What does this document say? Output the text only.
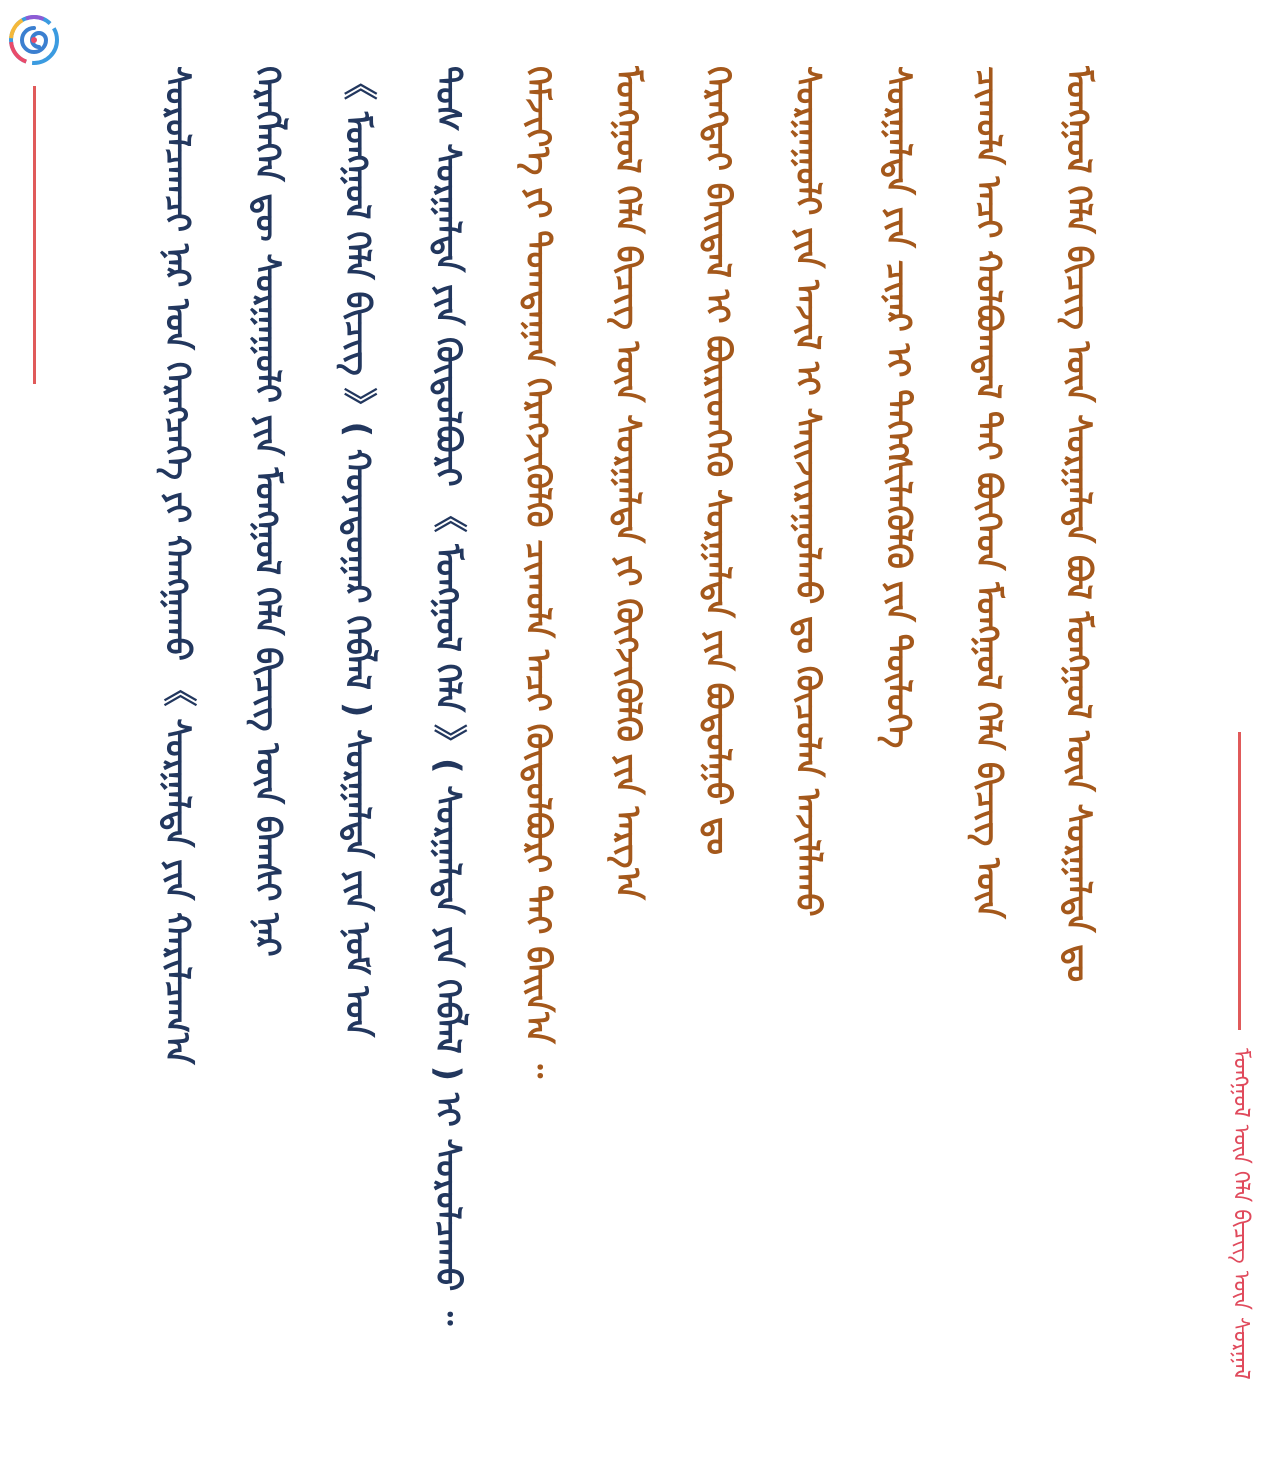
ᠮᠣᠩᠭᠣᠯ ᠦᠨ ᠬᠡᠯᠡ ᠪᠢᠴᠢᠭ ᠦᠨ ᠰᠤᠷᠭᠠᠯ
ᠮᠣᠩᠭᠣᠯ ᠬᠡᠯᠡ ᠪᠢᠴᠢᠭ ᠦᠨ ᠰᠤᠷᠭᠠᠯᠲᠠ ᠪᠣᠯ ᠮᠣᠩᠭᠣᠯ ᠦᠨ ᠰᠤᠷᠭᠠᠯᠲᠠ ᠳᠤ
ᠴᠢᠬᠤᠯᠠ ᠠᠴᠢ ᠬᠣᠯᠪᠣᠭᠳᠠᠯ ᠲᠠᠢ ᠪᠥᠭᠡᠳ ᠮᠣᠩᠭᠣᠯ ᠬᠡᠯᠡ ᠪᠢᠴᠢᠭ ᠦᠨ
ᠰᠤᠷᠭᠠᠯᠲᠠ ᠶᠢᠨ ᠴᠢᠨᠠᠷ ᠢ ᠳᠡᠭᠡᠭᠰᠢᠯᠡᠭᠦᠯᠬᠦ ᠶᠢᠨ ᠲᠥᠯᠦᠭᠡ
ᠰᠤᠷᠭᠠᠭᠤᠯᠢ ᠶᠢᠨ ᠠᠵᠢᠯ ᠢ ᠰᠠᠢᠵᠢᠷᠠᠭᠤᠯᠬᠤ ᠳᠤ ᠬᠦᠴᠦᠯᠡᠨ ᠠᠵᠢᠯᠯᠠᠬᠤ
ᠬᠡᠷᠡᠭᠲᠡᠢ ᠪᠠᠢᠳᠠᠯ ᠢ ᠪᠦᠷᠢᠳᠭᠡᠬᠦ ᠰᠤᠷᠭᠠᠯᠲᠠ ᠶᠢᠨ ᠪᠣᠳᠣᠯᠭᠣ ᠳᠤ
ᠮᠣᠩᠭᠣᠯ ᠬᠡᠯᠡ ᠪᠢᠴᠢᠭ ᠦᠨ ᠰᠤᠷᠭᠠᠯᠲᠠ ᠶᠢ ᠬᠥᠭᠵᠢᠭᠦᠯᠬᠦ ᠶᠢᠨ ᠠᠷᠭ᠎ᠠ
ᠬᠡᠮᠵᠢᠶ᠎ᠡ ᠶᠢ ᠲᠣᠭᠲᠠᠭᠠᠨ ᠬᠡᠷᠡᠭᠵᠢᠭᠦᠯᠬᠦ ᠴᠢᠬᠤᠯᠠ ᠠᠴᠢ ᠬᠥᠲᠦᠯᠪᠦᠷᠢ ᠲᠠᠢ ᠪᠠᠢᠨ᠎ᠠ ᠃
ᠲᠣᠰ ᠰᠤᠷᠭᠠᠯᠲᠠ ᠶᠢᠨ ᠬᠥᠲᠦᠯᠪᠦᠷᠢ 《 ᠮᠣᠩᠭᠣᠯ ᠬᠡᠯᠡ 》( ᠰᠤᠷᠭᠠᠯᠲᠠ ᠶᠢᠨ ᠬᠡᠪᠯᠡᠯ ) ᠢ ᠰᠤᠷᠤᠯᠴᠠᠬᠤ ᠃
《 ᠮᠣᠩᠭᠣᠯ ᠬᠡᠯᠡ ᠪᠢᠴᠢᠭ 》( ᠬᠣᠶᠠᠳᠤᠭᠠᠷ ᠬᠡᠪᠯᠡᠯ ) ᠰᠤᠷᠭᠠᠯᠲᠠ ᠶᠢᠨ ᠨᠣᠮ ᠤᠨ
ᠬᠡᠷᠡᠭᠯᠡᠭᠡᠨ ᠳᠦ ᠰᠤᠷᠭᠠᠭᠤᠯᠢ ᠶᠢᠨ ᠮᠣᠩᠭᠣᠯ ᠬᠡᠯᠡ ᠪᠢᠴᠢᠭ ᠦᠨ ᠪᠠᠭᠰᠢ ᠨᠠᠷ
ᠰᠤᠷᠤᠯᠴᠠᠭᠴᠢ ᠨᠠᠷ ᠤᠨ ᠬᠡᠷᠡᠭᠴᠡᠭᠡ ᠶᠢ ᠬᠠᠩᠭᠠᠬᠤ 《 ᠰᠤᠷᠭᠠᠯᠲᠠ ᠶᠢᠨ ᠬᠠᠷᠢᠯᠴᠠᠭ᠎ᠠ
